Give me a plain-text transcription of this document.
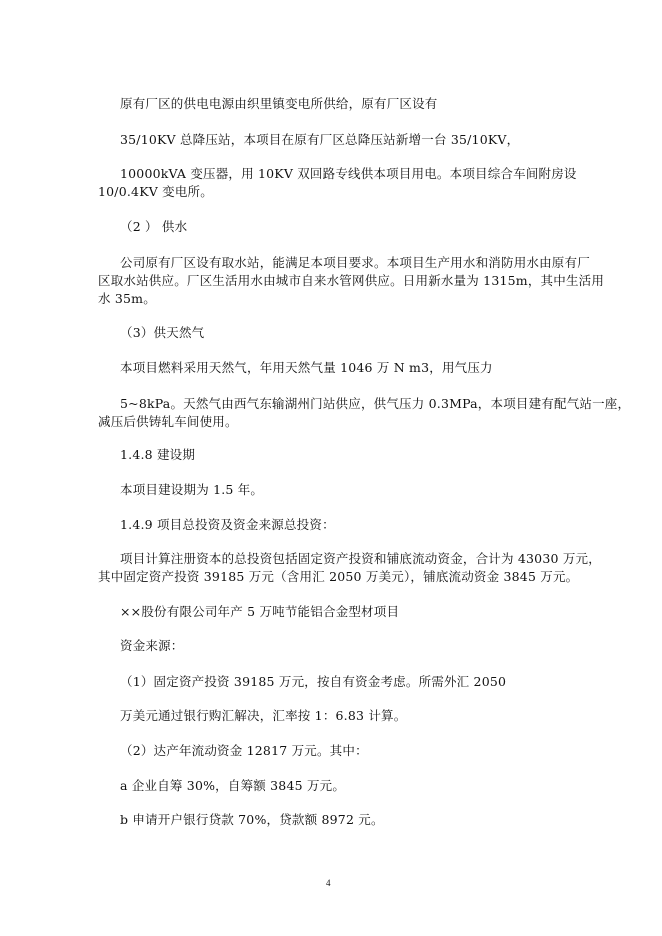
原有厂区的供电电源由织里镇变电所供给，原有厂区设有
35/10KV 总降压站，本项目在原有厂区总降压站新增一台 35/10KV，
10000kVA 变压器，用 10KV 双回路专线供本项目用电。本项目综合车间附房设
10/0.4KV 变电所。
（2 ） 供水
公司原有厂区设有取水站，能满足本项目要求。本项目生产用水和消防用水由原有厂
区取水站供应。厂区生活用水由城市自来水管网供应。日用新水量为 1315m，其中生活用
水 35m。
（3）供天然气
本项目燃料采用天然气，年用天然气量 1046 万 N m3，用气压力
5~8kPa。天然气由西气东输湖州门站供应，供气压力 0.3MPa，本项目建有配气站一座，
减压后供铸轧车间使用。
1.4.8 建设期
本项目建设期为 1.5 年。
1.4.9 项目总投资及资金来源总投资：
项目计算注册资本的总投资包括固定资产投资和铺底流动资金，合计为 43030 万元，
其中固定资产投资 39185 万元（含用汇 2050 万美元），铺底流动资金 3845 万元。
××股份有限公司年产 5 万吨节能铝合金型材项目
资金来源：
（1）固定资产投资 39185 万元，按自有资金考虑。所需外汇 2050
万美元通过银行购汇解决，汇率按 1：6.83 计算。
（2）达产年流动资金 12817 万元。其中：
a 企业自筹 30%，自筹额 3845 万元。
b 申请开户银行贷款 70%，贷款额 8972 元。
4
